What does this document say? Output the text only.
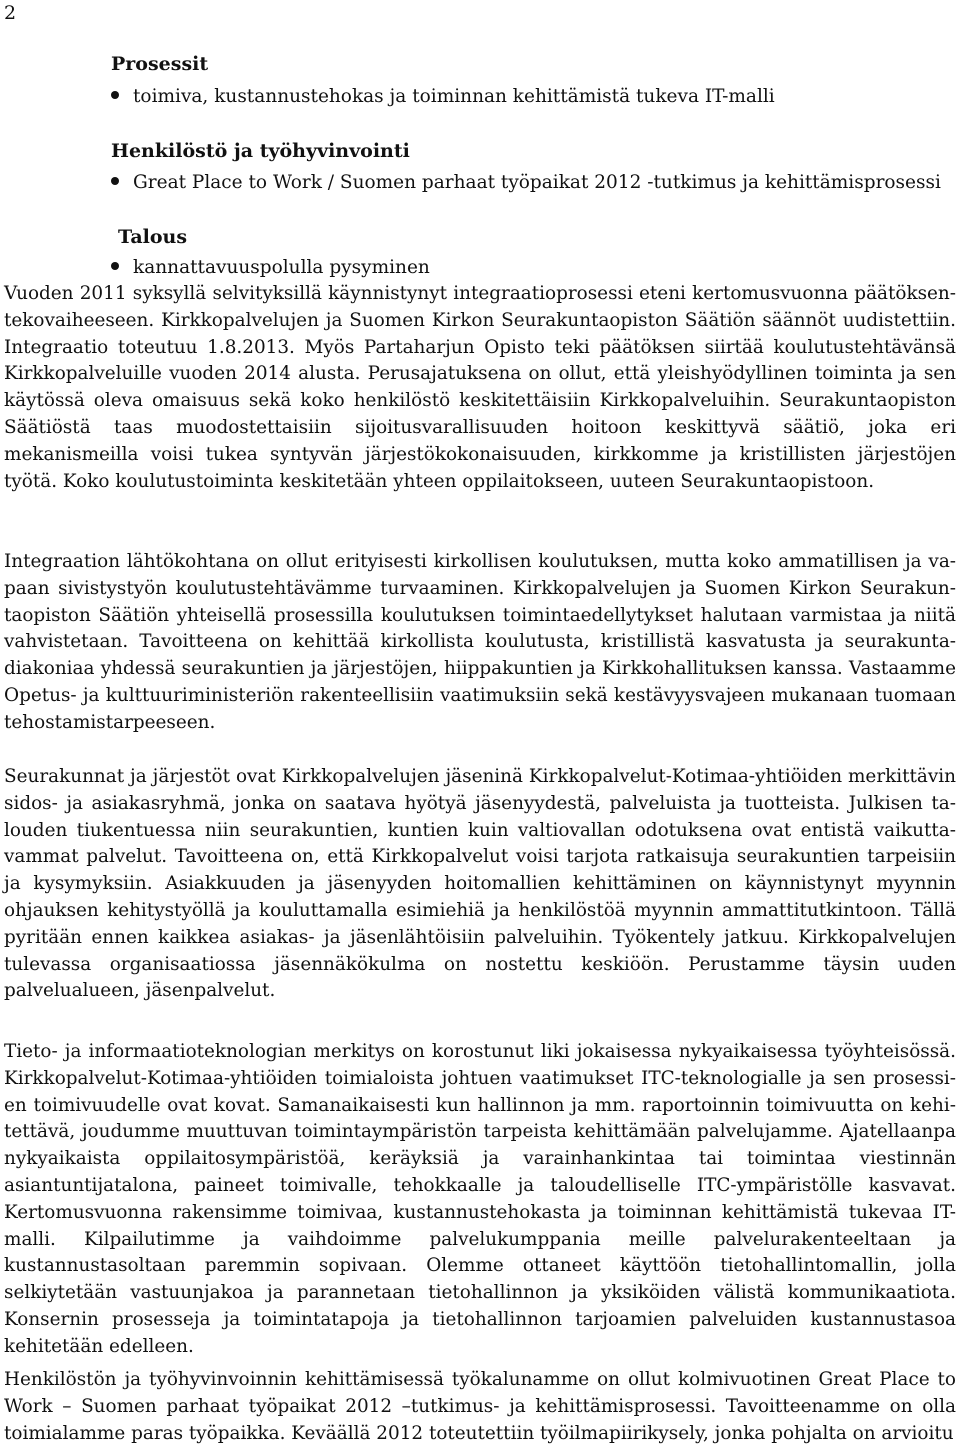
2
Prosessit
toimiva, kustannustehokas ja toiminnan kehittämistä tukeva IT-malli
Henkilöstö ja työhyvinvointi
Great Place to Work / Suomen parhaat työpaikat 2012 -tutkimus ja kehittämisprosessi
Talous
kannattavuuspolulla pysyminen

Vuoden 2011 syksyllä selvityksillä käynnistynyt integraatioprosessi eteni kertomusvuonna päätöksentekovaiheeseen. Kirkkopalvelujen ja Suomen Kirkon Seurakuntaopiston Säätiön säännöt uudistettiin. Integraatio toteutuu 1.8.2013. Myös Partaharjun Opisto teki päätöksen siirtää koulutustehtävänsä Kirkkopalveluille vuoden 2014 alusta. Perusajatuksena on ollut, että yleishyödyllinen toiminta ja sen käytössä oleva omaisuus sekä koko henkilöstö keskitettäisiin Kirkkopalveluihin. Seurakuntaopiston Säätiöstä taas muodostettaisiin sijoitusvarallisuuden hoitoon keskittyvä säätiö, joka eri mekanismeilla voisi tukea syntyvän järjestökokonaisuuden, kirkkomme ja kristillisten järjestöjen työtä. Koko koulutustoiminta keskitetään yhteen oppilaitokseen, uuteen Seurakuntaopistoon.

Integraation lähtökohtana on ollut erityisesti kirkollisen koulutuksen, mutta koko ammatillisen ja vapaan sivistystyön koulutustehtävämme turvaaminen. Kirkkopalvelujen ja Suomen Kirkon Seurakuntaopiston Säätiön yhteisellä prosessilla koulutuksen toimintaedellytykset halutaan varmistaa ja niitä vahvistetaan. Tavoitteena on kehittää kirkollista koulutusta, kristillistä kasvatusta ja seurakuntadiakoniaa yhdessä seurakuntien ja järjestöjen, hiippakuntien ja Kirkkohallituksen kanssa. Vastaamme Opetus- ja kulttuuriministeriön rakenteellisiin vaatimuksiin sekä kestävyysvajeen mukanaan tuomaan tehostamistarpeeseen.

Seurakunnat ja järjestöt ovat Kirkkopalvelujen jäseninä Kirkkopalvelut-Kotimaa-yhtiöiden merkittävin sidos- ja asiakasryhmä, jonka on saatava hyötyä jäsenyydestä, palveluista ja tuotteista. Julkisen talouden tiukentuessa niin seurakuntien, kuntien kuin valtiovallan odotuksena ovat entistä vaikuttavammat palvelut. Tavoitteena on, että Kirkkopalvelut voisi tarjota ratkaisuja seurakuntien tarpeisiin ja kysymyksiin. Asiakkuuden ja jäsenyyden hoitomallien kehittäminen on käynnistynyt myynnin ohjauksen kehitystyöllä ja kouluttamalla esimiehiä ja henkilöstöä myynnin ammattitutkintoon. Tällä pyritään ennen kaikkea asiakas- ja jäsenlähtöisiin palveluihin. Työkentely jatkuu. Kirkkopalvelujen tulevassa organisaatiossa jäsennäkökulma on nostettu keskiöön. Perustamme täysin uuden palvelualueen, jäsenpalvelut.

Tieto- ja informaatioteknologian merkitys on korostunut liki jokaisessa nykyaikaisessa työyhteisössä. Kirkkopalvelut-Kotimaa-yhtiöiden toimialoista johtuen vaatimukset ITC-teknologialle ja sen prosessien toimivuudelle ovat kovat. Samanaikaisesti kun hallinnon ja mm. raportoinnin toimivuutta on kehitettävä, joudumme muuttuvan toimintaympäristön tarpeista kehittämään palvelujamme. Ajatellaanpa nykyaikaista oppilaitosympäristöä, keräyksiä ja varainhankintaa tai toimintaa viestinnän asiantuntijatalona, paineet toimivalle, tehokkaalle ja taloudelliselle ITC-ympäristölle kasvavat. Kertomusvuonna rakensimme toimivaa, kustannustehokasta ja toiminnan kehittämistä tukevaa IT-malli. Kilpailutimme ja vaihdoimme palvelukumppania meille palvelurakenteeltaan ja kustannustasoltaan paremmin sopivaan. Olemme ottaneet käyttöön tietohallintomallin, jolla selkiytetään vastuunjakoa ja parannetaan tietohallinnon ja yksiköiden välistä kommunikaatiota. Konsernin prosesseja ja toimintatapoja ja tietohallinnon tarjoamien palveluiden kustannustasoa kehitetään edelleen.

Henkilöstön ja työhyvinvoinnin kehittämisessä työkalunamme on ollut kolmivuotinen Great Place to Work – Suomen parhaat työpaikat 2012 –tutkimus- ja kehittämisprosessi. Tavoitteenamme on olla toimialamme paras työpaikka. Keväällä 2012 toteutettiin työilmapiirikysely, jonka pohjalta on arvioitu
